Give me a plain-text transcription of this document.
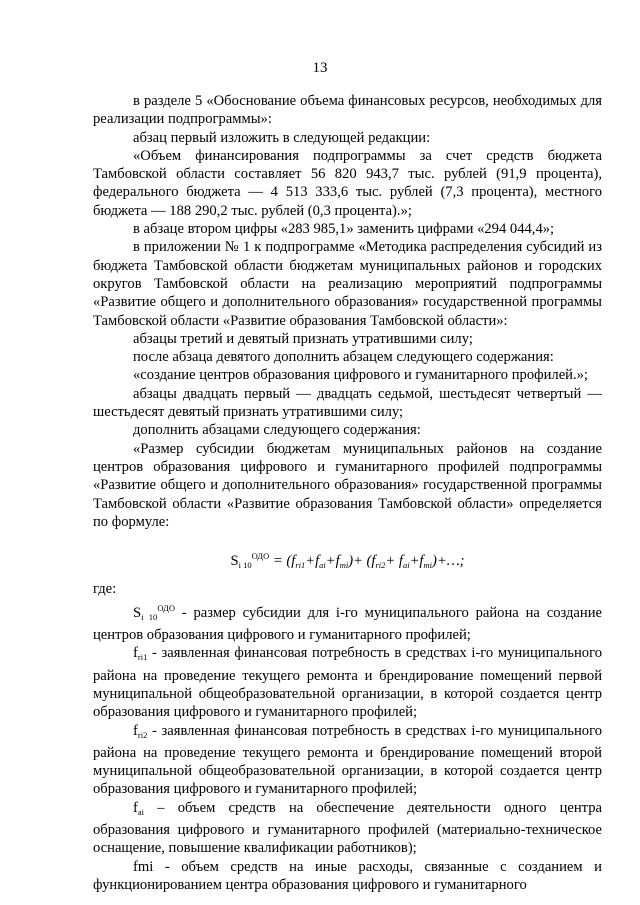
13

в разделе 5 «Обоснование объема финансовых ресурсов, необходимых для реализации подпрограммы»:

абзац первый изложить в следующей редакции:

«Объем финансирования подпрограммы за счет средств бюджета Тамбовской области составляет 56 820 943,7 тыс. рублей (91,9 процента), федерального бюджета — 4 513 333,6 тыс. рублей (7,3 процента), местного бюджета — 188 290,2 тыс. рублей (0,3 процента).»;

в абзаце втором цифры «283 985,1» заменить цифрами «294 044,4»;

в приложении № 1 к подпрограмме «Методика распределения субсидий из бюджета Тамбовской области бюджетам муниципальных районов и городских округов Тамбовской области на реализацию мероприятий подпрограммы «Развитие общего и дополнительного образования» государственной программы Тамбовской области «Развитие образования Тамбовской области»:

абзацы третий и девятый признать утратившими силу;

после абзаца девятого дополнить абзацем следующего содержания:

«создание центров образования цифрового и гуманитарного профилей.»;

абзацы двадцать первый — двадцать седьмой, шестьдесят четвертый — шестьдесят девятый признать утратившими силу;

дополнить абзацами следующего содержания:

«Размер субсидии бюджетам муниципальных районов на создание центров образования цифрового и гуманитарного профилей подпрограммы «Развитие общего и дополнительного образования» государственной программы Тамбовской области «Развитие образования Тамбовской области» определяется по формуле:

$S_{i 10}^{ОДО} = (f_{ri1}+f_{ai}+f_{mi})+ (f_{ri2}+$ $f_{ai}+f_{mi})+\dots$;

где:

$S_{i 10}^{ОДО}$ - размер субсидии для i-го муниципального района на создание центров образования цифрового и гуманитарного профилей;

$f_{ri1}$ - заявленная финансовая потребность в средствах i-го муниципального района на проведение текущего ремонта и брендирование помещений первой муниципальной общеобразовательной организации, в которой создается центр образования цифрового и гуманитарного профилей;

$f_{ri2}$ - заявленная финансовая потребность в средствах i-го муниципального района на проведение текущего ремонта и брендирование помещений второй муниципальной общеобразовательной организации, в которой создается центр образования цифрового и гуманитарного профилей;

$f_{ai}$ – объем средств на обеспечение деятельности одного центра образования цифрового и гуманитарного профилей (материально-техническое оснащение, повышение квалификации работников);

fmi - объем средств на иные расходы, связанные с созданием и функционированием центра образования цифрового и гуманитарного
